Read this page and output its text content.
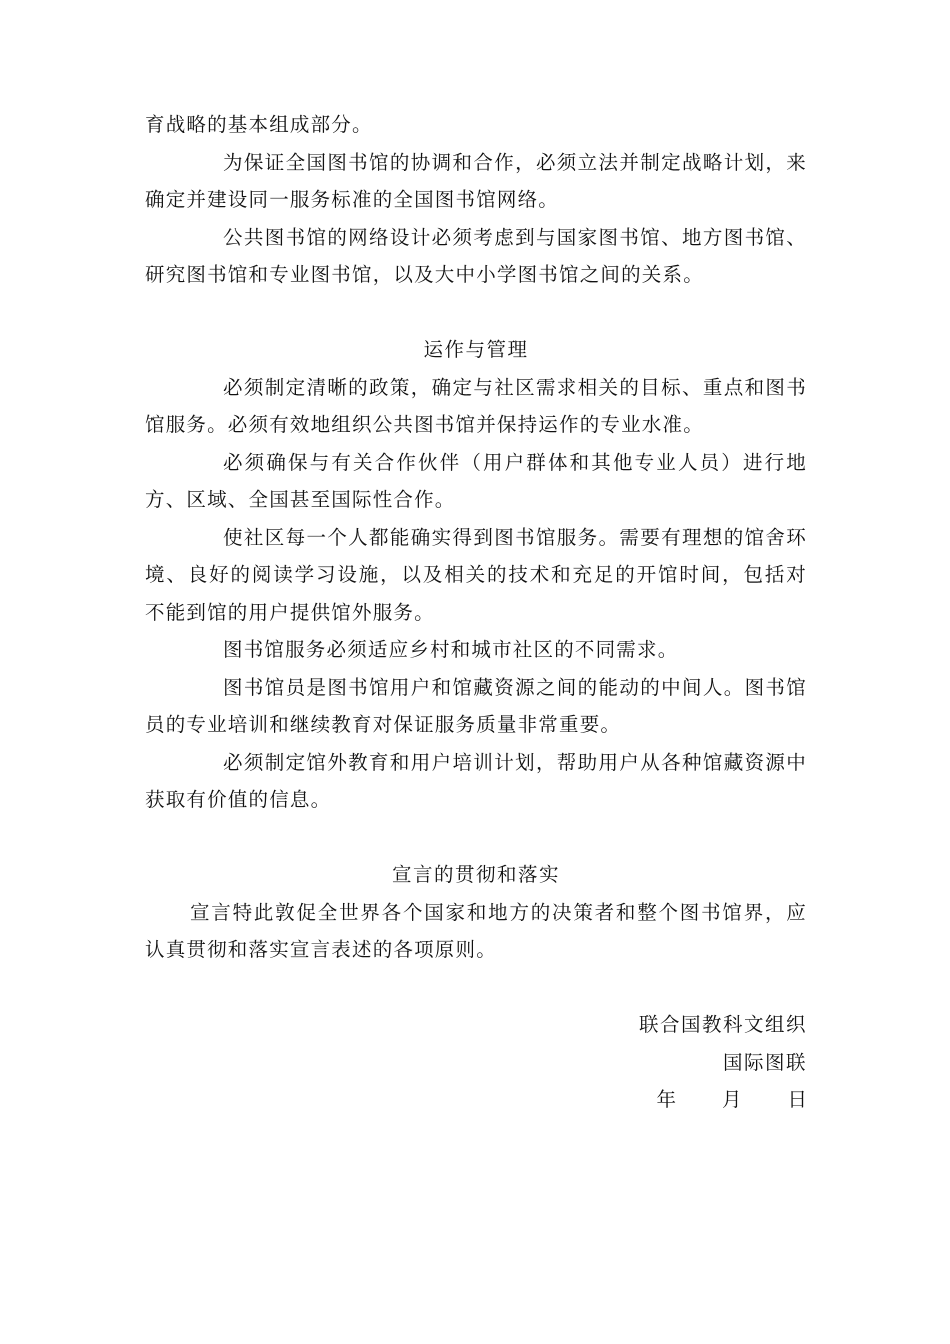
育战略的基本组成部分。

为保证全国图书馆的协调和合作，必须立法并制定战略计划，来确定并建设同一服务标准的全国图书馆网络。

公共图书馆的网络设计必须考虑到与国家图书馆、地方图书馆、研究图书馆和专业图书馆，以及大中小学图书馆之间的关系。

运作与管理

必须制定清晰的政策，确定与社区需求相关的目标、重点和图书馆服务。必须有效地组织公共图书馆并保持运作的专业水准。

必须确保与有关合作伙伴（用户群体和其他专业人员）进行地方、区域、全国甚至国际性合作。

使社区每一个人都能确实得到图书馆服务。需要有理想的馆舍环境、良好的阅读学习设施，以及相关的技术和充足的开馆时间，包括对不能到馆的用户提供馆外服务。

图书馆服务必须适应乡村和城市社区的不同需求。

图书馆员是图书馆用户和馆藏资源之间的能动的中间人。图书馆员的专业培训和继续教育对保证服务质量非常重要。

必须制定馆外教育和用户培训计划，帮助用户从各种馆藏资源中获取有价值的信息。

宣言的贯彻和落实

宣言特此敦促全世界各个国家和地方的决策者和整个图书馆界，应认真贯彻和落实宣言表述的各项原则。

联合国教科文组织

国际图联

年 月 日
